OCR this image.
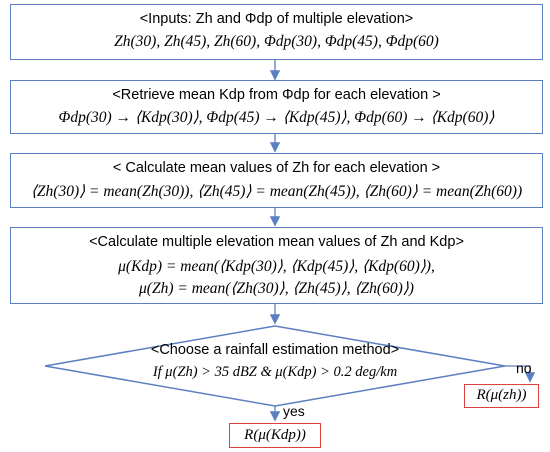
<Inputs: Zh and Φdp of multiple elevation>
Zh(30), Zh(45), Zh(60), Φdp(30), Φdp(45), Φdp(60)
<Retrieve mean Kdp from Φdp for each elevation >
Φdp(30) → ⟨Kdp(30)⟩, Φdp(45) → ⟨Kdp(45)⟩, Φdp(60) → ⟨Kdp(60)⟩
< Calculate mean values of Zh for each elevation >
⟨Zh(30)⟩ = mean(Zh(30)), ⟨Zh(45)⟩ = mean(Zh(45)), ⟨Zh(60)⟩ = mean(Zh(60))
<Calculate multiple elevation mean values of Zh and Kdp>
μ(Kdp) = mean(⟨Kdp(30)⟩, ⟨Kdp(45)⟩, ⟨Kdp(60)⟩),
μ(Zh) = mean(⟨Zh(30)⟩, ⟨Zh(45)⟩, ⟨Zh(60)⟩)
<Choose a rainfall estimation method>
If μ(Zh) > 35 dBZ & μ(Kdp) > 0.2 deg/km	no
yes
R(μ(zh))
R(μ(Kdp))
